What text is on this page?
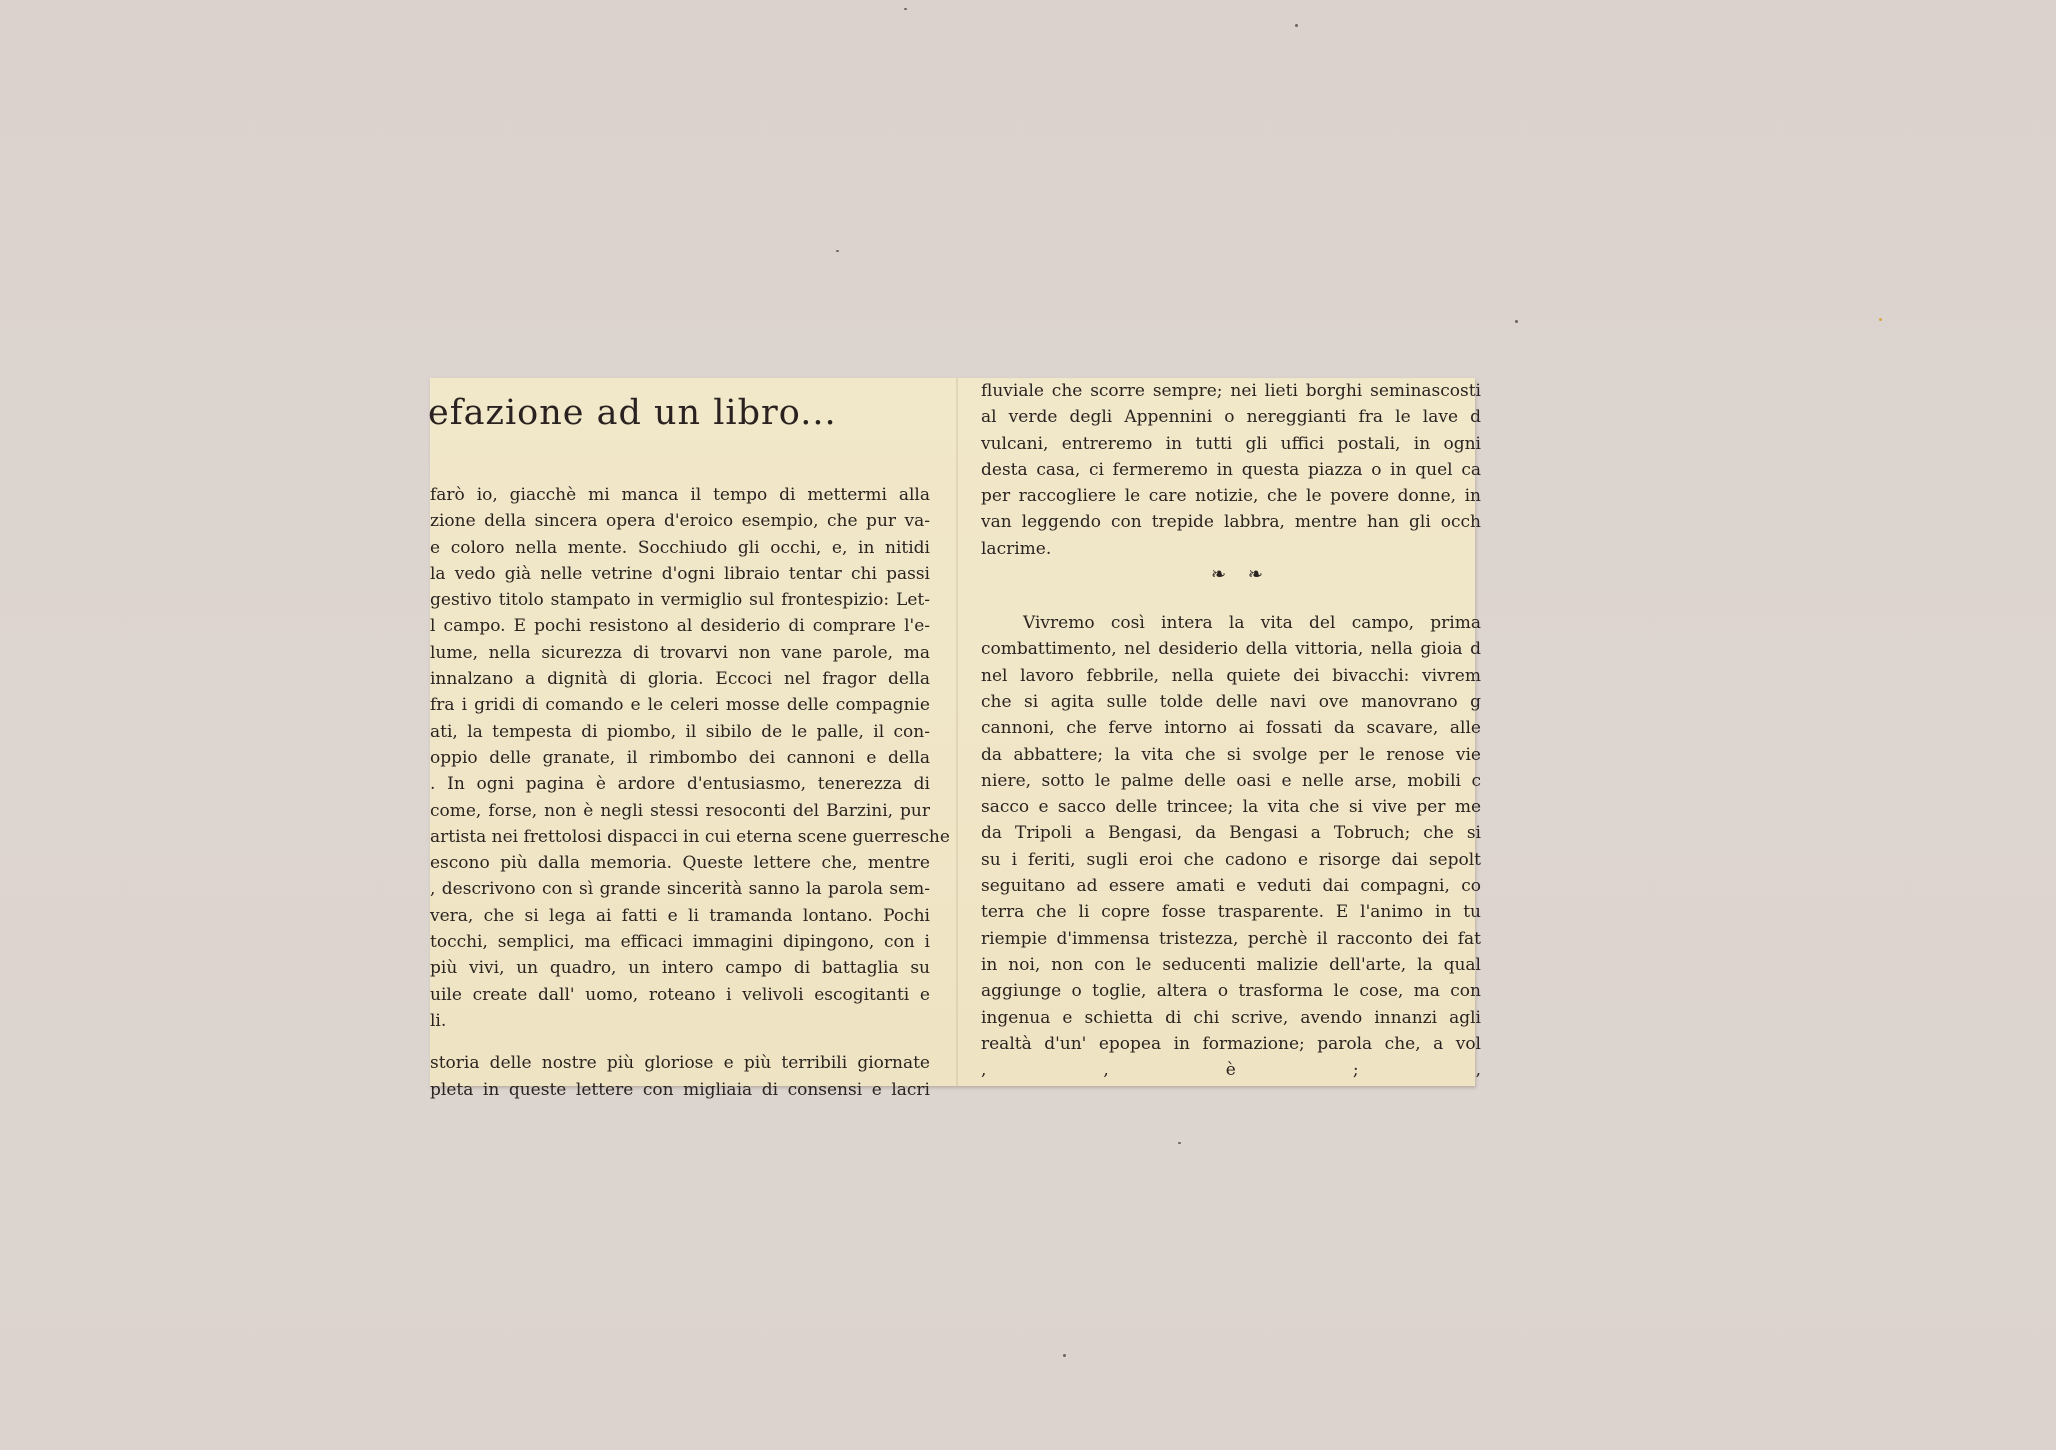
efazione ad un libro...
farò io, giacchè mi manca il tempo di mettermi alla
zione della sincera opera d'eroico esempio, che pur va-
e coloro nella mente. Socchiudo gli occhi, e, in nitidi
la vedo già nelle vetrine d'ogni libraio tentar chi passi
gestivo titolo stampato in vermiglio sul frontespizio: Let-
l campo. E pochi resistono al desiderio di comprare l'e-
lume, nella sicurezza di trovarvi non vane parole, ma
innalzano a dignità di gloria. Eccoci nel fragor della
fra i gridi di comando e le celeri mosse delle compagnie
ati, la tempesta di piombo, il sibilo de le palle, il con-
oppio delle granate, il rimbombo dei cannoni e della
. In ogni pagina è ardore d'entusiasmo, tenerezza di
come, forse, non è negli stessi resoconti del Barzini, pur
artista nei frettolosi dispacci in cui eterna scene guerresche
escono più dalla memoria. Queste lettere che, mentre
, descrivono con sì grande sincerità sanno la parola sem-
vera, che si lega ai fatti e li tramanda lontano. Pochi
tocchi, semplici, ma efficaci immagini dipingono, con i
più vivi, un quadro, un intero campo di battaglia su
uile create dall' uomo, roteano i velivoli escogitanti e
li.
storia delle nostre più gloriose e più terribili giornate
pleta in queste lettere con migliaia di consensi e lacri
fluviale che scorre sempre; nei lieti borghi seminascosti
al verde degli Appennini o nereggianti fra le lave d
vulcani, entreremo in tutti gli uffici postali, in ogni
desta casa, ci fermeremo in questa piazza o in quel ca
per raccogliere le care notizie, che le povere donne, in
van leggendo con trepide labbra, mentre han gli occh
lacrime.
❧ ❧
Vivremo così intera la vita del campo, prima
combattimento, nel desiderio della vittoria, nella gioia d
nel lavoro febbrile, nella quiete dei bivacchi: vivrem
che si agita sulle tolde delle navi ove manovrano g
cannoni, che ferve intorno ai fossati da scavare, alle
da abbattere; la vita che si svolge per le renose vie
niere, sotto le palme delle oasi e nelle arse, mobili c
sacco e sacco delle trincee; la vita che si vive per me
da Tripoli a Bengasi, da Bengasi a Tobruch; che si
su i feriti, sugli eroi che cadono e risorge dai sepolt
seguitano ad essere amati e veduti dai compagni, co
terra che li copre fosse trasparente. E l'animo in tu
riempie d'immensa tristezza, perchè il racconto dei fat
in noi, non con le seducenti malizie dell'arte, la qual
aggiunge o toglie, altera o trasforma le cose, ma con
ingenua e schietta di chi scrive, avendo innanzi agli
realtà d'un' epopea in formazione; parola che, a vol
, , è ; ,
